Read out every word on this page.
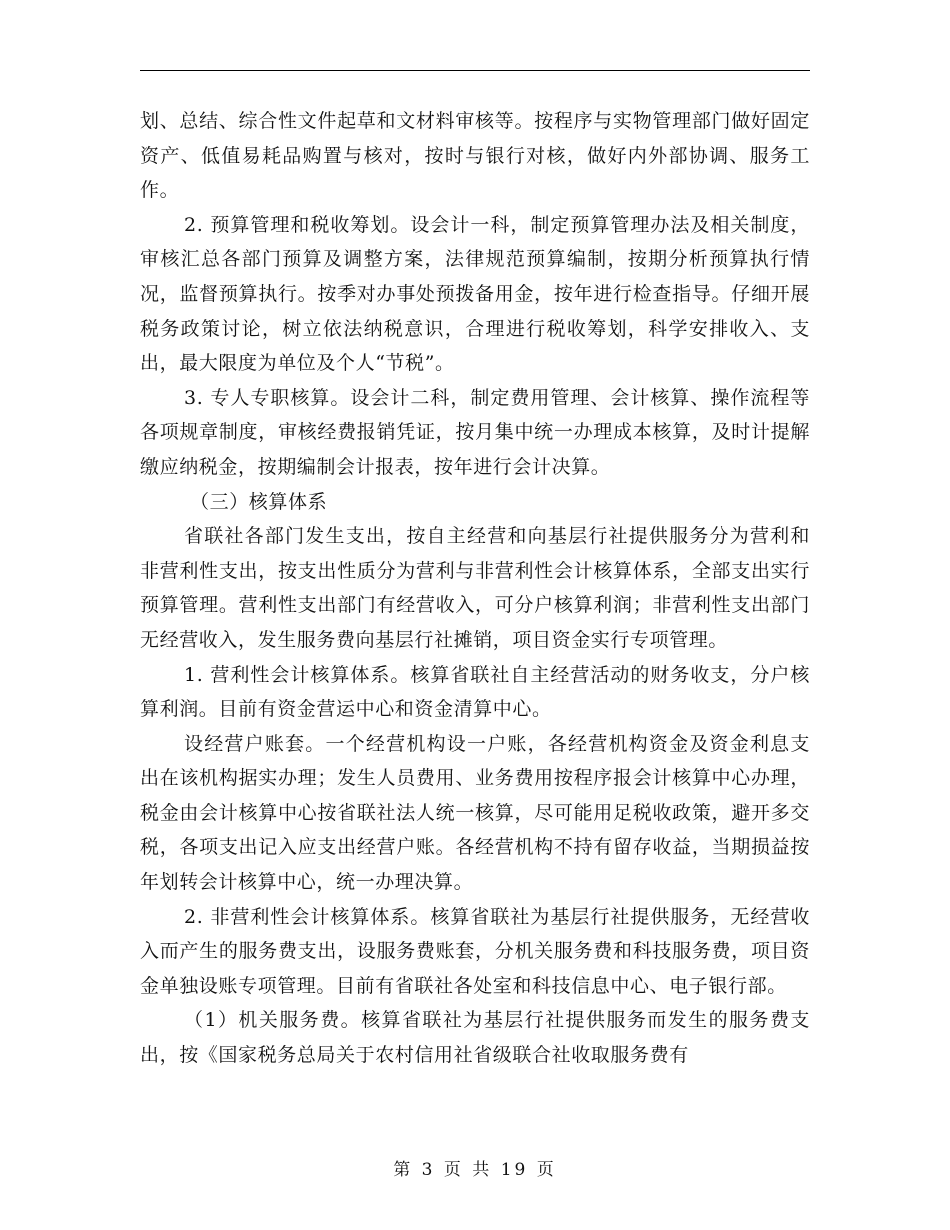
划、总结、综合性文件起草和文材料审核等。按程序与实物管理部门做好固定资产、低值易耗品购置与核对，按时与银行对核，做好内外部协调、服务工作。

2. 预算管理和税收筹划。设会计一科，制定预算管理办法及相关制度，审核汇总各部门预算及调整方案，法律规范预算编制，按期分析预算执行情况，监督预算执行。按季对办事处预拨备用金，按年进行检查指导。仔细开展税务政策讨论，树立依法纳税意识，合理进行税收筹划，科学安排收入、支出，最大限度为单位及个人“节税”。

3. 专人专职核算。设会计二科，制定费用管理、会计核算、操作流程等各项规章制度，审核经费报销凭证，按月集中统一办理成本核算，及时计提解缴应纳税金，按期编制会计报表，按年进行会计决算。

（三）核算体系

省联社各部门发生支出，按自主经营和向基层行社提供服务分为营利和非营利性支出，按支出性质分为营利与非营利性会计核算体系，全部支出实行预算管理。营利性支出部门有经营收入，可分户核算利润；非营利性支出部门无经营收入，发生服务费向基层行社摊销，项目资金实行专项管理。

1. 营利性会计核算体系。核算省联社自主经营活动的财务收支，分户核算利润。目前有资金营运中心和资金清算中心。

设经营户账套。一个经营机构设一户账，各经营机构资金及资金利息支出在该机构据实办理；发生人员费用、业务费用按程序报会计核算中心办理，税金由会计核算中心按省联社法人统一核算，尽可能用足税收政策，避开多交税，各项支出记入应支出经营户账。各经营机构不持有留存收益，当期损益按年划转会计核算中心，统一办理决算。

2. 非营利性会计核算体系。核算省联社为基层行社提供服务，无经营收入而产生的服务费支出，设服务费账套，分机关服务费和科技服务费，项目资金单独设账专项管理。目前有省联社各处室和科技信息中心、电子银行部。

（1）机关服务费。核算省联社为基层行社提供服务而发生的服务费支出，按《国家税务总局关于农村信用社省级联合社收取服务费有

第 3 页 共 19 页
